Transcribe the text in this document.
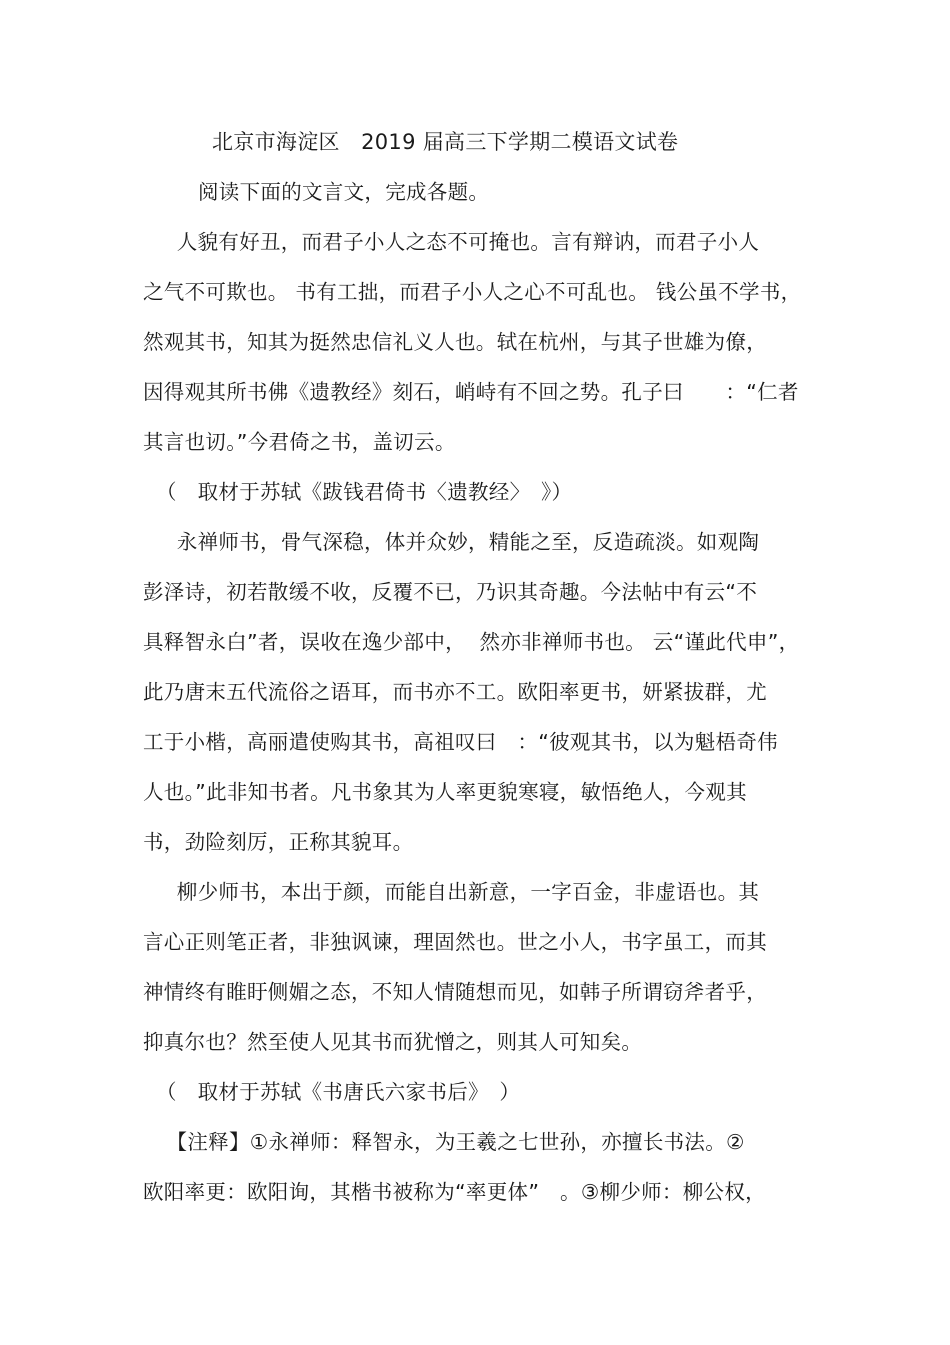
北京市海淀区　2019 届高三下学期二模语文试卷
阅读下面的文言文，完成各题。
　人貌有好丑，而君子小人之态不可掩也。言有辩讷，而君子小人
之气不可欺也。 书有工拙，而君子小人之心不可乱也。 钱公虽不学书，
然观其书，知其为挺然忠信礼义人也。轼在杭州，与其子世雄为僚，
因得观其所书佛《遗教经》刻石，峭峙有不回之势。孔子曰　　：“仁者
其言也讱。”今君倚之书，盖讱云。
（　取材于苏轼《跋钱君倚书〈遗教经〉　》）
　永禅师书，骨气深稳，体并众妙，精能之至，反造疏淡。如观陶
彭泽诗，初若散缓不收，反覆不已，乃识其奇趣。今法帖中有云“不
具释智永白”者，误收在逸少部中，  然亦非禅师书也。 云“谨此代申”，
此乃唐末五代流俗之语耳，而书亦不工。欧阳率更书，妍紧拔群，尤
工于小楷，高丽遣使购其书，高祖叹曰　：“彼观其书，以为魁梧奇伟
人也。”此非知书者。凡书象其为人率更貌寒寝，敏悟绝人，今观其
书，劲险刻厉，正称其貌耳。
　柳少师书，本出于颜，而能自出新意，一字百金，非虚语也。其
言心正则笔正者，非独讽谏，理固然也。世之小人，书字虽工，而其
神情终有睢盱侧媚之态，不知人情随想而见，如韩子所谓窃斧者乎，
抑真尔也？然至使人见其书而犹憎之，则其人可知矣。
（　取材于苏轼《书唐氏六家书后》　）
　【注释】①永禅师：释智永，为王羲之七世孙，亦擅长书法。②
欧阳率更：欧阳询，其楷书被称为“率更体”　。③柳少师：柳公权，
